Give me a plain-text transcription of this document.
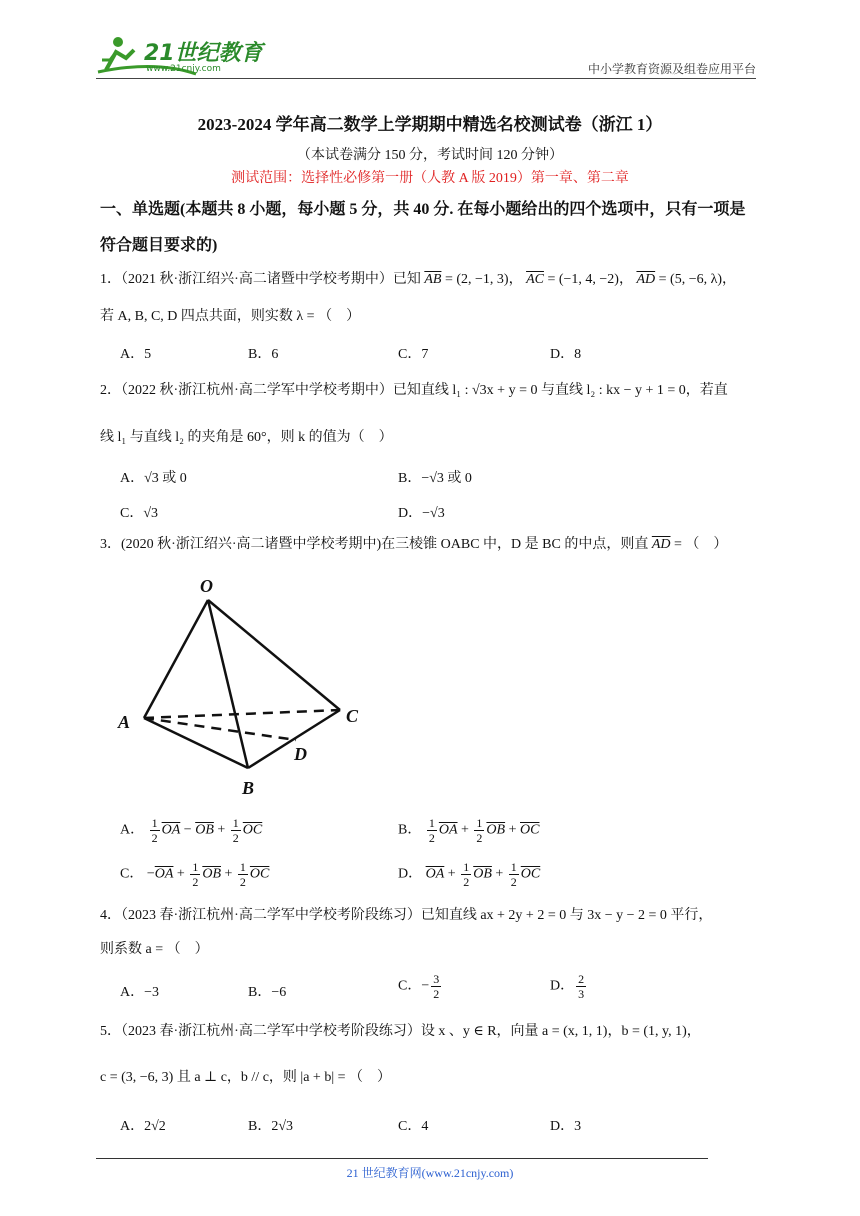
21世纪教育
www.21cnjy.com	中小学教育资源及组卷应用平台
2023-2024 学年高二数学上学期期中精选名校测试卷（浙江 1）
（本试卷满分 150 分，考试时间 120 分钟）
测试范围：选择性必修第一册（人教 A 版 2019）第一章、第二章
一、单选题(本题共 8 小题，每小题 5 分，共 40 分. 在每小题给出的四个选项中，只有一项是符合题目要求的)
1．（2021 秋·浙江绍兴·高二诸暨中学校考期中）已知 $\overline{AB} = (2$, −1, 3)， $\overline{AC} = (-1$, 4, −2)， $\overline{AD} = (5$, −6, λ)，
若 A, B, C, D 四点共面，则实数 λ = （　）
A．5	B．6	C．7	D．8
2．（2022 秋·浙江杭州·高二学军中学校考期中）已知直线 l₁ : √3x + y = 0 与直线 l₂ : kx − y + 1 = 0，若直
线 l₁ 与直线 l₂ 的夹角是 60°，则 k 的值为（　）
A．√3 或 0	B．−√3 或 0
C．√3	D．−√3
3．(2020 秋·浙江绍兴·高二诸暨中学校考期中)在三棱锥 OABC 中，D 是 BC 的中点，则直 $\overline{AD}$ = （　）
O
A
B
C
D
A． $\frac{1}{2} \overline{OA} - \overline{OB} + \frac{1}{2} \overline{OC}$	B． $\frac{1}{2} \overline{OA} + \frac{1}{2} \overline{OB} + \overline{OC}$
C． $-\overline{OA} + \frac{1}{2} \overline{OB} + \frac{1}{2} \overline{OC}$	D． $\overline{OA} + \frac{1}{2} \overline{OB} + \frac{1}{2} \overline{OC}$
4．（2023 春·浙江杭州·高二学军中学校考阶段练习）已知直线 ax + 2y + 2 = 0 与 3x − y − 2 = 0 平行，
则系数 a = （　）
A．−3	B．−6	C．− $\frac{3}{2}$	D． $\frac{2}{3}$
5．（2023 春·浙江杭州·高二学军中学校考阶段练习）设 x 、y ∈ R，向量 a = (x, 1, 1)，b = (1, y, 1)，
c = (3, −6, 3) 且 a ⊥ c，b // c，则 |a + b| = （　）
A．2√2	B．2√3	C．4	D．3
21 世纪教育网(www.21cnjy.com)
